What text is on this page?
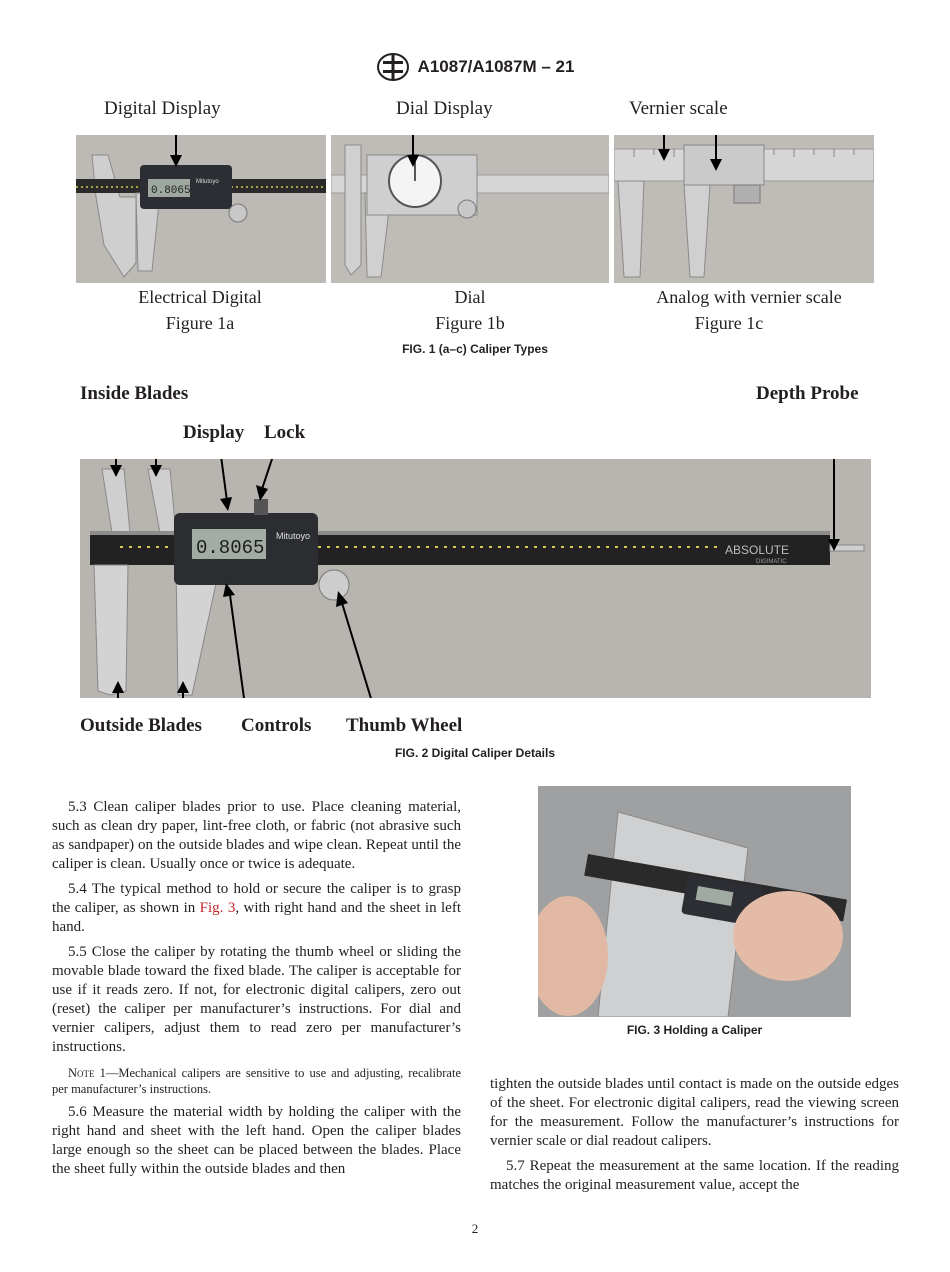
A1087/A1087M – 21
Digital Display	Dial Display	Vernier scale
0.8065
Mitutoyo
Electrical Digital
Figure 1a
Dial
Figure 1b
Analog with vernier scale
Figure 1c
FIG. 1 (a–c) Caliper Types
Inside Blades	Depth Probe
Display Lock
ABSOLUTE
DIGIMATIC
0.8065
Mitutoyo
Outside Blades Controls Thumb Wheel
FIG. 2 Digital Caliper Details
FIG. 3 Holding a Caliper

5.3 Clean caliper blades prior to use. Place cleaning material, such as clean dry paper, lint-free cloth, or fabric (not abrasive such as sandpaper) on the outside blades and wipe clean. Repeat until the caliper is clean. Usually once or twice is adequate.

5.4 The typical method to hold or secure the caliper is to grasp the caliper, as shown in Fig. 3, with right hand and the sheet in left hand.

5.5 Close the caliper by rotating the thumb wheel or sliding the movable blade toward the fixed blade. The caliper is acceptable for use if it reads zero. If not, for electronic digital calipers, zero out (reset) the caliper per manufacturer’s instructions. For dial and vernier calipers, adjust them to read zero per manufacturer’s instructions.

Note 1—Mechanical calipers are sensitive to use and adjusting, recalibrate per manufacturer’s instructions.

5.6 Measure the material width by holding the caliper with the right hand and sheet with the left hand. Open the caliper blades large enough so the sheet can be placed between the blades. Place the sheet fully within the outside blades and then

tighten the outside blades until contact is made on the outside edges of the sheet. For electronic digital calipers, read the viewing screen for the measurement. Follow the manufacturer’s instructions for vernier scale or dial readout calipers.

5.7 Repeat the measurement at the same location. If the reading matches the original measurement value, accept the

2
